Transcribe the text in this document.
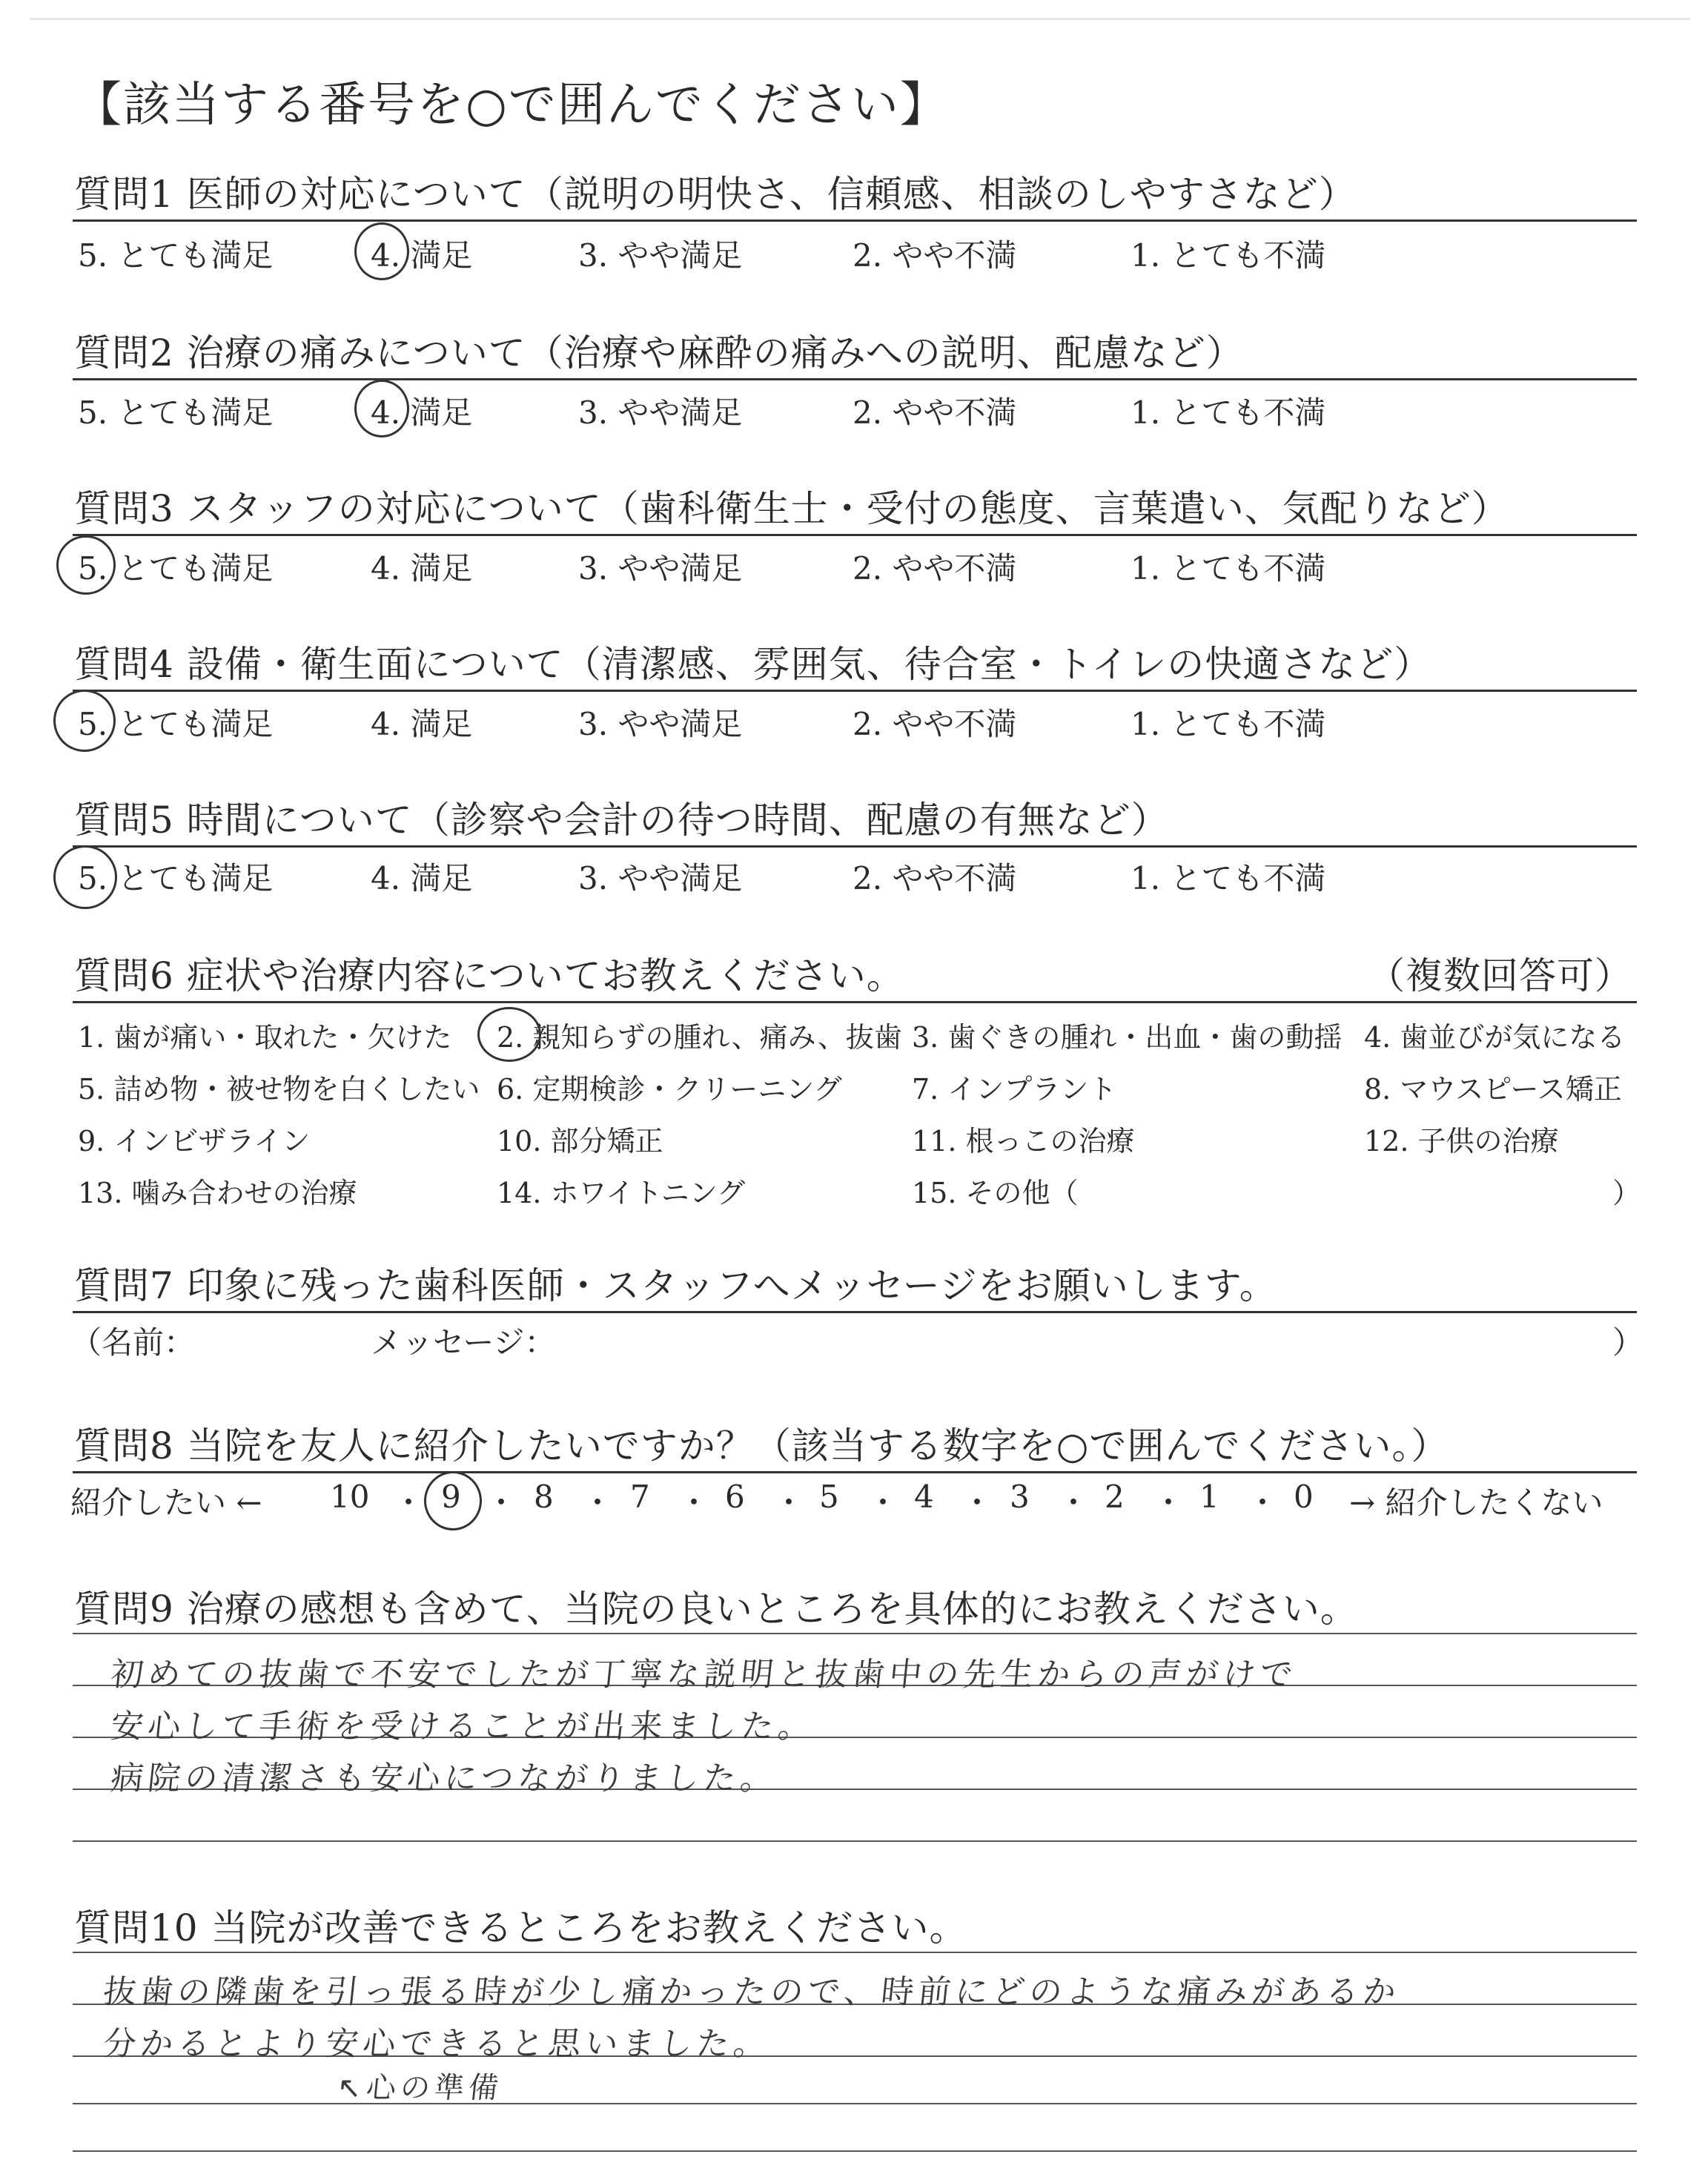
【該当する番号を○で囲んでください】
質問1 医師の対応について（説明の明快さ、信頼感、相談のしやすさなど）
5. とても満足	4. 満足	3. やや満足	2. やや不満	1. とても不満
質問2 治療の痛みについて（治療や麻酔の痛みへの説明、配慮など）
5. とても満足	4. 満足	3. やや満足	2. やや不満	1. とても不満
質問3 スタッフの対応について（歯科衛生士・受付の態度、言葉遣い、気配りなど）
5. とても満足	4. 満足	3. やや満足	2. やや不満	1. とても不満
質問4 設備・衛生面について（清潔感、雰囲気、待合室・トイレの快適さなど）
5. とても満足	4. 満足	3. やや満足	2. やや不満	1. とても不満
質問5 時間について（診察や会計の待つ時間、配慮の有無など）
5. とても満足	4. 満足	3. やや満足	2. やや不満	1. とても不満
質問6 症状や治療内容についてお教えください。	（複数回答可）
1. 歯が痛い・取れた・欠けた 2. 親知らずの腫れ、痛み、抜歯 3. 歯ぐきの腫れ・出血・歯の動揺 4. 歯並びが気になる
5. 詰め物・被せ物を白くしたい 6. 定期検診・クリーニング 7. インプラント	8. マウスピース矯正
9. インビザライン	10. 部分矯正	11. 根っこの治療	12. 子供の治療
13. 噛み合わせの治療	14. ホワイトニング	15. その他（	）
質問7 印象に残った歯科医師・スタッフへメッセージをお願いします。
（名前：	メッセージ：	）
質問8 当院を友人に紹介したいですか？（該当する数字を○で囲んでください。）
紹介したい ←	→ 紹介したくない
10 ・ 9 ・ 8 ・ 7 ・ 6 ・ 5 ・ 4 ・ 3 ・ 2 ・ 1 ・ 0
質問9 治療の感想も含めて、当院の良いところを具体的にお教えください。
初めての抜歯で不安でしたが丁寧な説明と抜歯中の先生からの声がけで
安心して手術を受けることが出来ました。
病院の清潔さも安心につながりました。
質問10 当院が改善できるところをお教えください。
抜歯の隣歯を引っ張る時が少し痛かったので、時前にどのような痛みがあるか
分かるとより安心できると思いました。
↖心の準備
